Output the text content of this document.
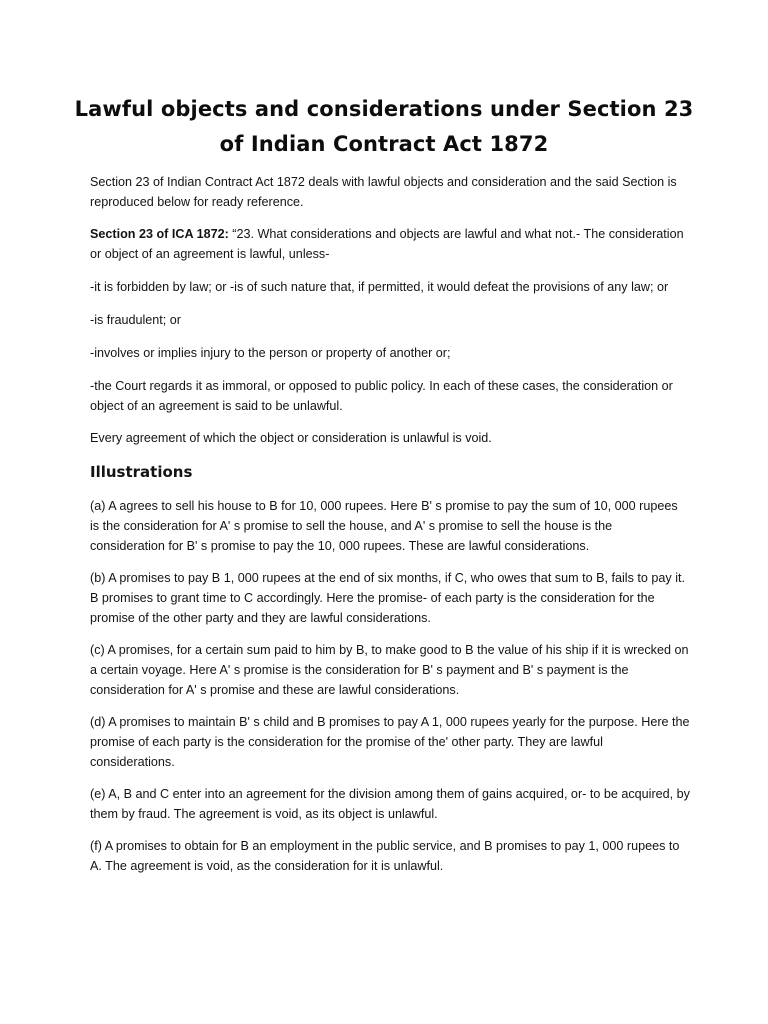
Lawful objects and considerations under Section 23
of Indian Contract Act 1872

Section 23 of Indian Contract Act 1872 deals with lawful objects and consideration and the said Section is reproduced below for ready reference.

Section 23 of ICA 1872: “23. What considerations and objects are lawful and what not.- The consideration or object of an agreement is lawful, unless-

-it is forbidden by law; or -is of such nature that, if permitted, it would defeat the provisions of any law; or

-is fraudulent; or

-involves or implies injury to the person or property of another or;

-the Court regards it as immoral, or opposed to public policy. In each of these cases, the consideration or object of an agreement is said to be unlawful.

Every agreement of which the object or consideration is unlawful is void.

Illustrations

(a) A agrees to sell his house to B for 10, 000 rupees. Here B' s promise to pay the sum of 10, 000 rupees is the consideration for A' s promise to sell the house, and A' s promise to sell the house is the consideration for B' s promise to pay the 10, 000 rupees. These are lawful considerations.

(b) A promises to pay B 1, 000 rupees at the end of six months, if C, who owes that sum to B, fails to pay it. B promises to grant time to C accordingly. Here the promise- of each party is the consideration for the promise of the other party and they are lawful considerations.

(c) A promises, for a certain sum paid to him by B, to make good to B the value of his ship if it is wrecked on a certain voyage. Here A' s promise is the consideration for B' s payment and B' s payment is the consideration for A' s promise and these are lawful considerations.

(d) A promises to maintain B' s child and B promises to pay A 1, 000 rupees yearly for the purpose. Here the promise of each party is the consideration for the promise of the' other party. They are lawful considerations.

(e) A, B and C enter into an agreement for the division among them of gains acquired, or- to be acquired, by them by fraud. The agreement is void, as its object is unlawful.

(f) A promises to obtain for B an employment in the public service, and B promises to pay 1, 000 rupees to A. The agreement is void, as the consideration for it is unlawful.
